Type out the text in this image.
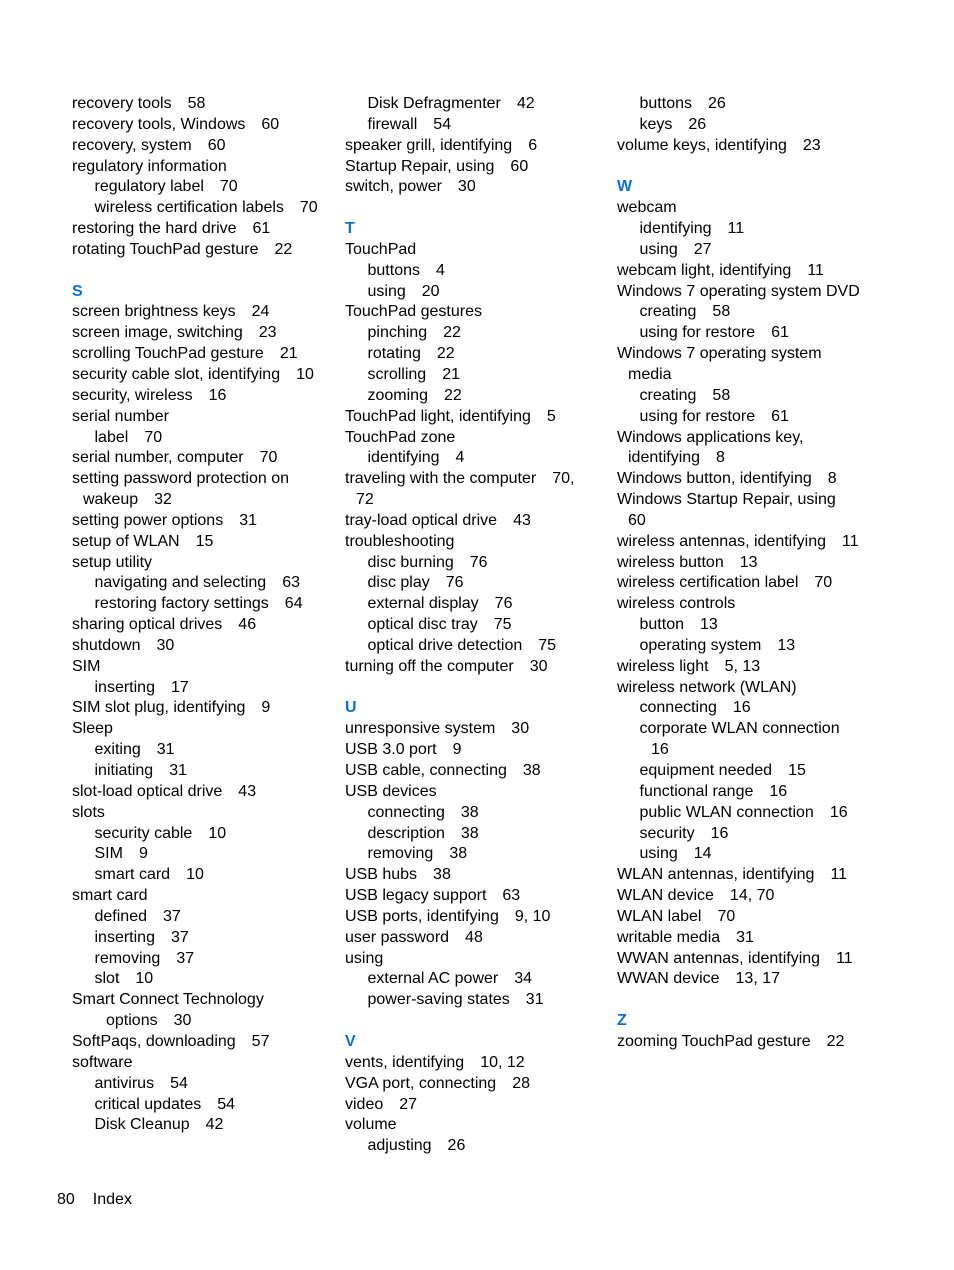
recovery tools 58
recovery tools, Windows 60
recovery, system 60
regulatory information
regulatory label 70
wireless certification labels 70
restoring the hard drive 61
rotating TouchPad gesture 22
S
screen brightness keys 24
screen image, switching 23
scrolling TouchPad gesture 21
security cable slot, identifying 10
security, wireless 16
serial number
label 70
serial number, computer 70
setting password protection on
wakeup 32
setting power options 31
setup of WLAN 15
setup utility
navigating and selecting 63
restoring factory settings 64
sharing optical drives 46
shutdown 30
SIM
inserting 17
SIM slot plug, identifying 9
Sleep
exiting 31
initiating 31
slot-load optical drive 43
slots
security cable 10
SIM 9
smart card 10
smart card
defined 37
inserting 37
removing 37
slot 10
Smart Connect Technology
options 30
SoftPaqs, downloading 57
software
antivirus 54
critical updates 54
Disk Cleanup 42
Disk Defragmenter 42
firewall 54
speaker grill, identifying 6
Startup Repair, using 60
switch, power 30
T
TouchPad
buttons 4
using 20
TouchPad gestures
pinching 22
rotating 22
scrolling 21
zooming 22
TouchPad light, identifying 5
TouchPad zone
identifying 4
traveling with the computer 70,
72
tray-load optical drive 43
troubleshooting
disc burning 76
disc play 76
external display 76
optical disc tray 75
optical drive detection 75
turning off the computer 30
U
unresponsive system 30
USB 3.0 port 9
USB cable, connecting 38
USB devices
connecting 38
description 38
removing 38
USB hubs 38
USB legacy support 63
USB ports, identifying 9, 10
user password 48
using
external AC power 34
power-saving states 31
V
vents, identifying 10, 12
VGA port, connecting 28
video 27
volume
adjusting 26
buttons 26
keys 26
volume keys, identifying 23
W
webcam
identifying 11
using 27
webcam light, identifying 11
Windows 7 operating system DVD
creating 58
using for restore 61
Windows 7 operating system
media
creating 58
using for restore 61
Windows applications key,
identifying 8
Windows button, identifying 8
Windows Startup Repair, using
60
wireless antennas, identifying 11
wireless button 13
wireless certification label 70
wireless controls
button 13
operating system 13
wireless light 5, 13
wireless network (WLAN)
connecting 16
corporate WLAN connection
16
equipment needed 15
functional range 16
public WLAN connection 16
security 16
using 14
WLAN antennas, identifying 11
WLAN device 14, 70
WLAN label 70
writable media 31
WWAN antennas, identifying 11
WWAN device 13, 17
Z
zooming TouchPad gesture 22
80 Index
